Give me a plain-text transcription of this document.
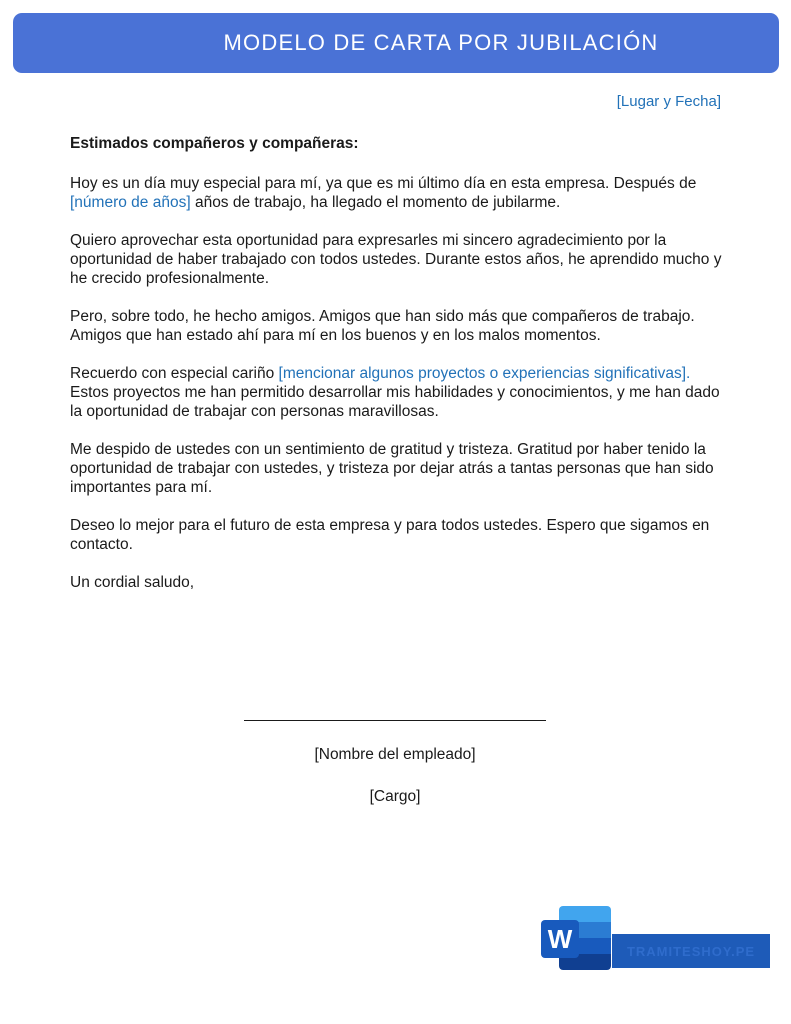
MODELO DE CARTA POR JUBILACIÓN
[Lugar y Fecha]

Estimados compañeros y compañeras:

Hoy es un día muy especial para mí, ya que es mi último día en esta empresa. Después de [número de años] años de trabajo, ha llegado el momento de jubilarme.

Quiero aprovechar esta oportunidad para expresarles mi sincero agradecimiento por la oportunidad de haber trabajado con todos ustedes. Durante estos años, he aprendido mucho y he crecido profesionalmente.

Pero, sobre todo, he hecho amigos. Amigos que han sido más que compañeros de trabajo. Amigos que han estado ahí para mí en los buenos y en los malos momentos.

Recuerdo con especial cariño [mencionar algunos proyectos o experiencias significativas]. Estos proyectos me han permitido desarrollar mis habilidades y conocimientos, y me han dado la oportunidad de trabajar con personas maravillosas.

Me despido de ustedes con un sentimiento de gratitud y tristeza. Gratitud por haber tenido la oportunidad de trabajar con ustedes, y tristeza por dejar atrás a tantas personas que han sido importantes para mí.

Deseo lo mejor para el futuro de esta empresa y para todos ustedes. Espero que sigamos en contacto.

Un cordial saludo,

[Nombre del empleado]
[Cargo]
W	TRAMITESHOY.PE
